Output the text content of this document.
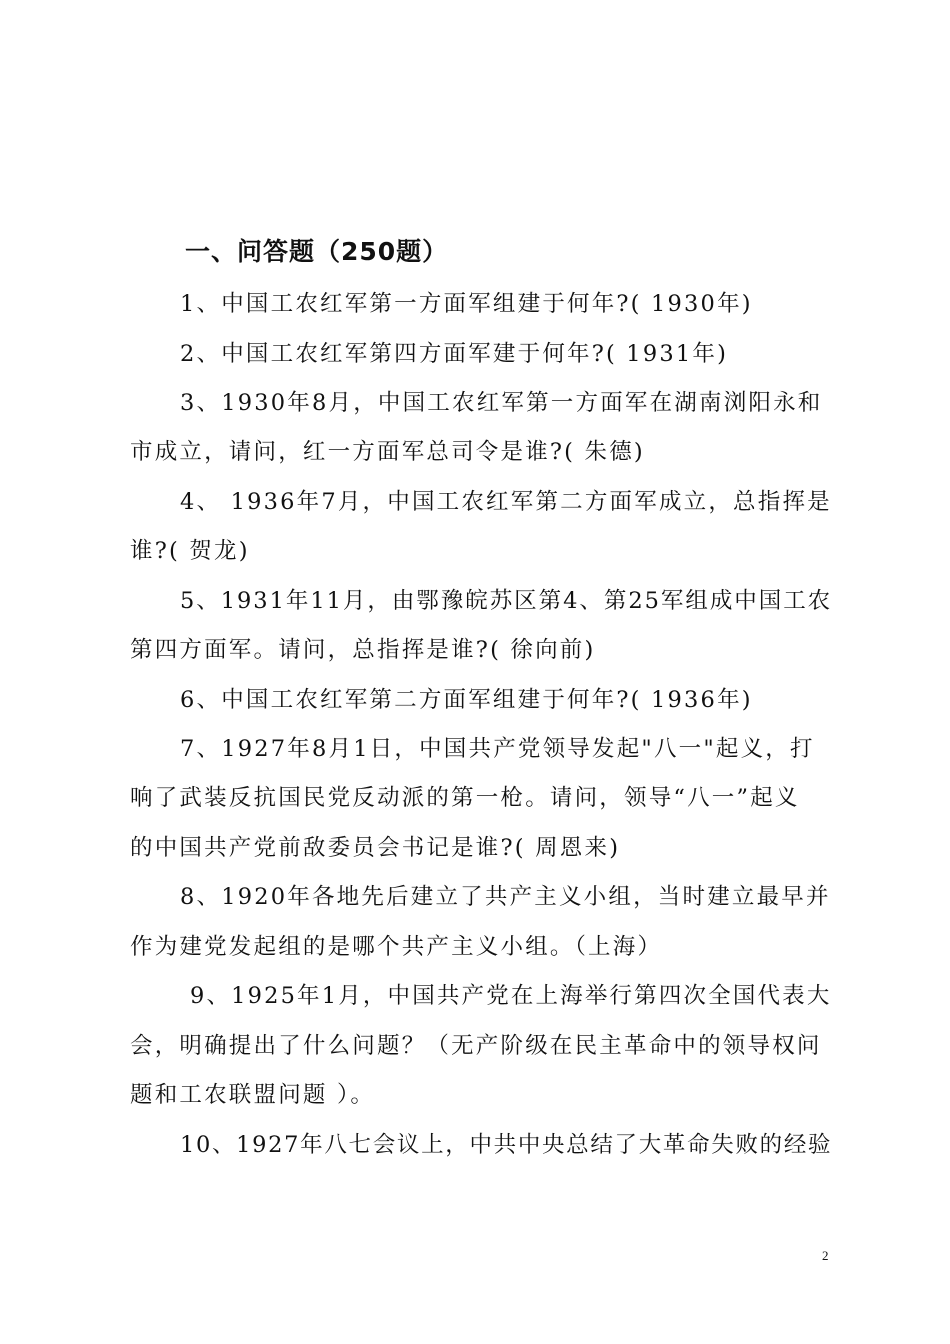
一、问答题（250题）
1、中国工农红军第一方面军组建于何年?( 1930年)
2、中国工农红军第四方面军建于何年?( 1931年)
3、1930年8月，中国工农红军第一方面军在湖南浏阳永和
市成立，请问，红一方面军总司令是谁?( 朱德)
4、 1936年7月，中国工农红军第二方面军成立，总指挥是
谁?( 贺龙)
5、1931年11月，由鄂豫皖苏区第4、第25军组成中国工农
第四方面军。请问，总指挥是谁?( 徐向前)
6、中国工农红军第二方面军组建于何年?( 1936年)
7、1927年8月1日，中国共产党领导发起"八一"起义，打
响了武装反抗国民党反动派的第一枪。请问，领导“八一”起义
的中国共产党前敌委员会书记是谁?( 周恩来)
8、1920年各地先后建立了共产主义小组，当时建立最早并
作为建党发起组的是哪个共产主义小组。（上海）
9、1925年1月，中国共产党在上海举行第四次全国代表大
会，明确提出了什么问题？（无产阶级在民主革命中的领导权问
题和工农联盟问题 ）。
10、1927年八七会议上，中共中央总结了大革命失败的经验
2
